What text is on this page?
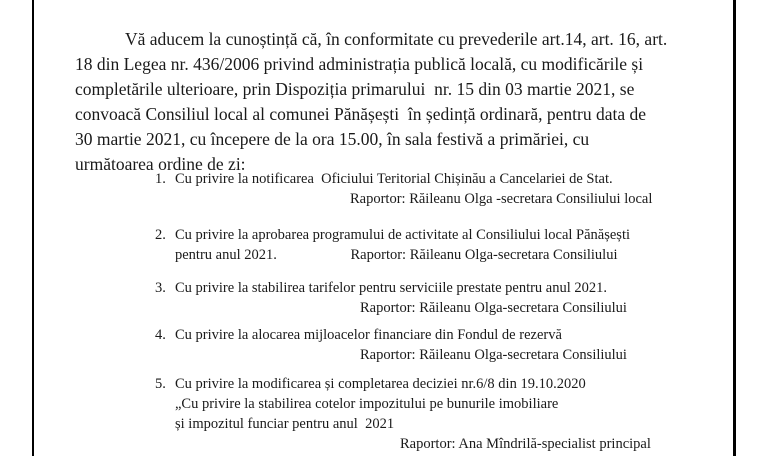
Vă aducem la cunoștință că, în conformitate cu prevederile art.14, art. 16, art.
18 din Legea nr. 436/2006 privind administrația publică locală, cu modificările și
completările ulterioare, prin Dispoziția primarului  nr. 15 din 03 martie 2021, se
convoacă Consiliul local al comunei Pănășești  în ședință ordinară, pentru data de
30 martie 2021, cu începere de la ora 15.00, în sala festivă a primăriei, cu
următoarea ordine de zi:
1. Cu privire la notificarea  Oficiului Teritorial Chișinău a Cancelariei de Stat.
Raportor: Răileanu Olga -secretara Consiliului local
2. Cu privire la aprobarea programului de activitate al Consiliului local Pănășești
pentru anul 2021.	Raportor: Răileanu Olga-secretara Consiliului
3. Cu privire la stabilirea tarifelor pentru serviciile prestate pentru anul 2021.
Raportor: Răileanu Olga-secretara Consiliului
4. Cu privire la alocarea mijloacelor financiare din Fondul de rezervă
Raportor: Răileanu Olga-secretara Consiliului
5. Cu privire la modificarea și completarea deciziei nr.6/8 din 19.10.2020
„Cu privire la stabilirea cotelor impozitului pe bunurile imobiliare
și impozitul funciar pentru anul  2021
Raportor: Ana Mîndrilă-specialist principal
